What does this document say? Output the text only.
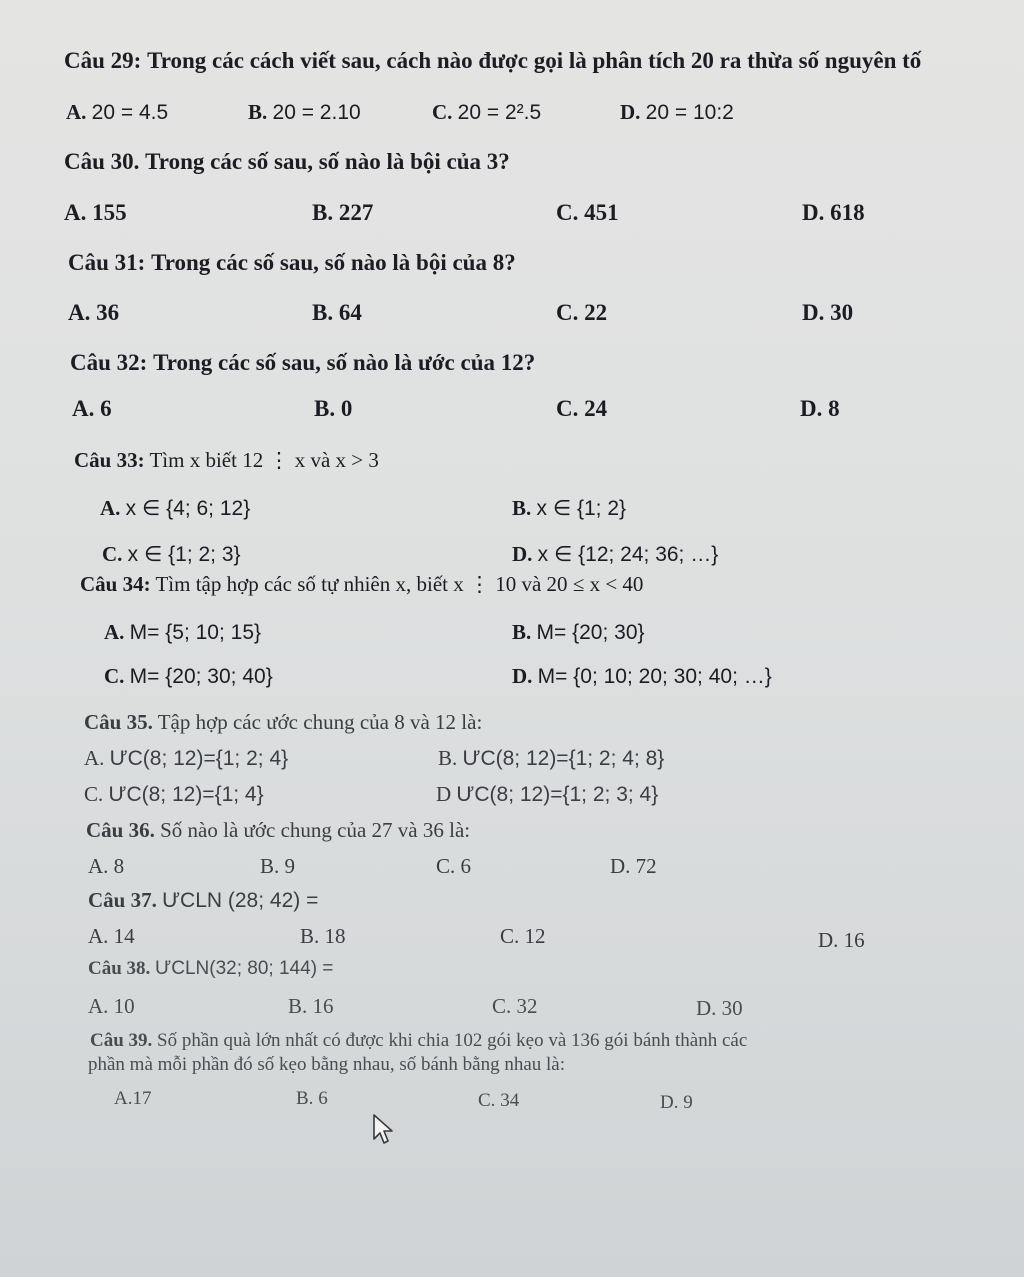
Câu 29: Trong các cách viết sau, cách nào được gọi là phân tích 20 ra thừa số nguyên tố
A. 20 = 4.5	B. 20 = 2.10	C. 20 = 2².5	D. 20 = 10:2
Câu 30. Trong các số sau, số nào là bội của 3?
A. 155	B. 227	C. 451	D. 618
Câu 31: Trong các số sau, số nào là bội của 8?
A. 36	B. 64	C. 22	D. 30
Câu 32: Trong các số sau, số nào là ước của 12?
A. 6	B. 0	C. 24	D. 8
Câu 33: Tìm x biết 12 ⋮ x và x > 3
A. x ∈ {4; 6; 12}	B. x ∈ {1; 2}
C. x ∈ {1; 2; 3}	D. x ∈ {12; 24; 36; …}
Câu 34: Tìm tập hợp các số tự nhiên x, biết x ⋮ 10 và 20 ≤ x < 40
A. M= {5; 10; 15}	B. M= {20; 30}
C. M= {20; 30; 40}	D. M= {0; 10; 20; 30; 40; …}
Câu 35. Tập hợp các ước chung của 8 và 12 là:
A. ƯC(8; 12)={1; 2; 4}	B. ƯC(8; 12)={1; 2; 4; 8}
C. ƯC(8; 12)={1; 4}	D ƯC(8; 12)={1; 2; 3; 4}
Câu 36. Số nào là ước chung của 27 và 36 là:
A. 8	B. 9	C. 6	D. 72
Câu 37. ƯCLN (28; 42) =
A. 14	B. 18	C. 12	D. 16
Câu 38. ƯCLN(32; 80; 144) =
A. 10	B. 16	C. 32	D. 30
Câu 39. Số phần quà lớn nhất có được khi chia 102 gói kẹo và 136 gói bánh thành các
phần mà mỗi phần đó số kẹo bằng nhau, số bánh bằng nhau là:
A.17	B. 6	C. 34	D. 9
